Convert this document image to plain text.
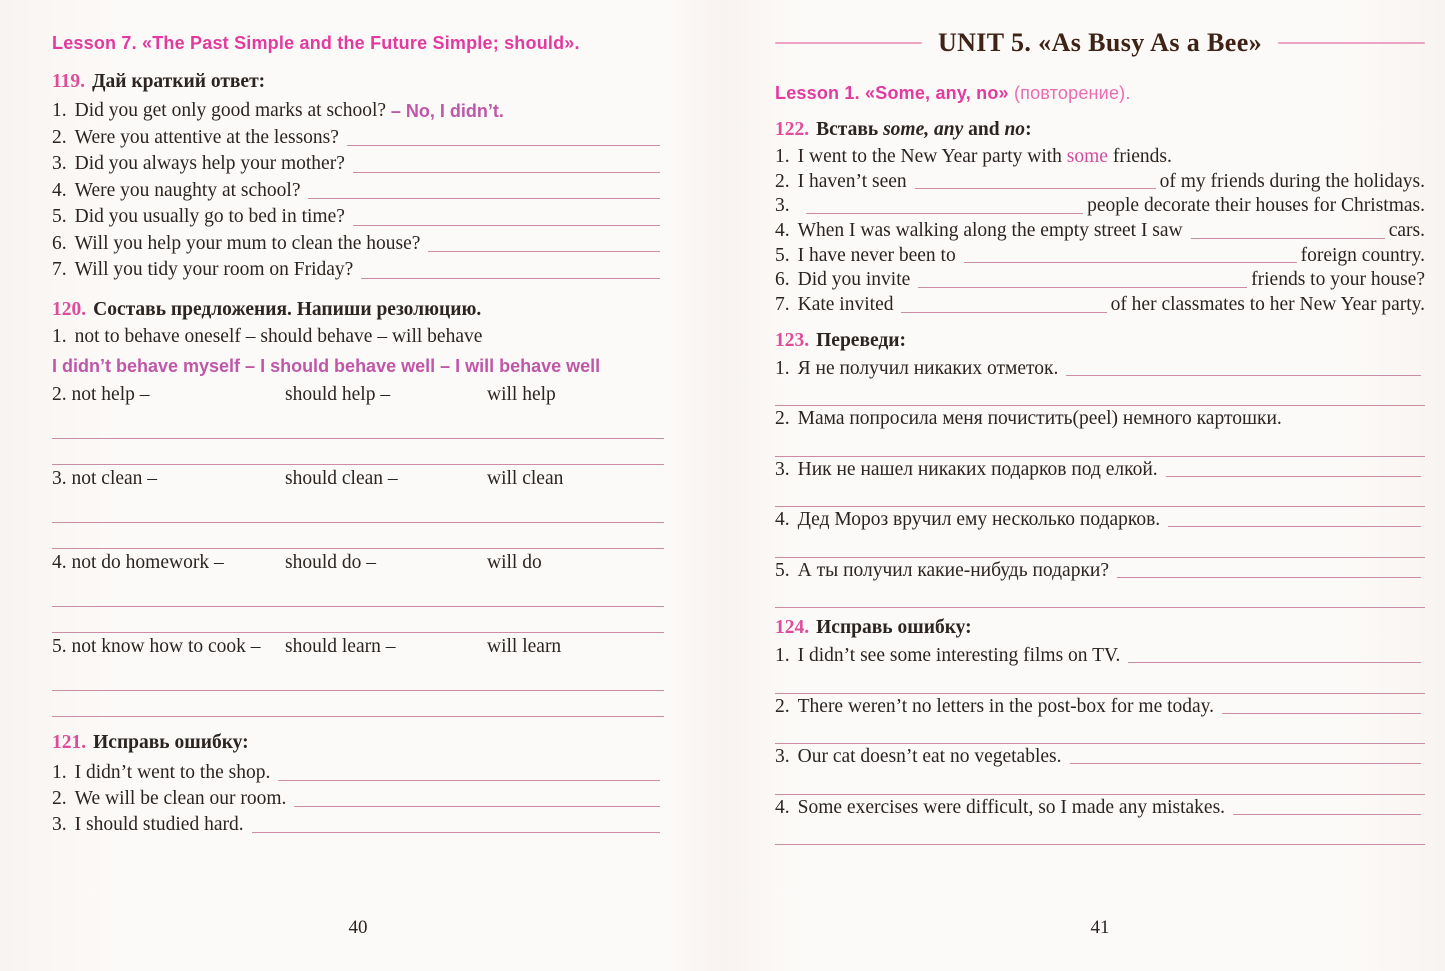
Lesson 7. «The Past Simple and the Future Simple; should».
119. Дай краткий ответ:
1. Did you get only good marks at school? – No, I didn’t.
2. Were you attentive at the lessons?
3. Did you always help your mother?
4. Were you naughty at school?
5. Did you usually go to bed in time?
6. Will you help your mum to clean the house?
7. Will you tidy your room on Friday?
120. Составь предложения. Напиши резолюцию.
1. not to behave oneself – should behave – will behave
I didn’t behave myself – I should behave well – I will behave well
2. not help –	should help –	will help
3. not clean –	should clean –	will clean
4. not do homework –	should do –	will do
5. not know how to cook –	should learn –	will learn
121. Исправь ошибку:
1. I didn’t went to the shop.
2. We will be clean our room.
3. I should studied hard.
40
UNIT 5. «As Busy As a Bee»
Lesson 1. «Some, any, no» (повторение).
122. Вставь some, any and no:
1. I went to the New Year party with some friends.
2. I haven’t seen	of my friends during the holidays.
3.	people decorate their houses for Christmas.
4. When I was walking along the empty street I saw	cars.
5. I have never been to	foreign country.
6. Did you invite	friends to your house?
7. Kate invited	of her classmates to her New Year party.
123. Переведи:
1. Я не получил никаких отметок.
2. Мама попросила меня почистить(peel) немного картошки.
3. Ник не нашел никаких подарков под елкой.
4. Дед Мороз вручил ему несколько подарков.
5. А ты получил какие-нибудь подарки?
124. Исправь ошибку:
1. I didn’t see some interesting films on TV.
2. There weren’t no letters in the post-box for me today.
3. Our cat doesn’t eat no vegetables.
4. Some exercises were difficult, so I made any mistakes.
41
